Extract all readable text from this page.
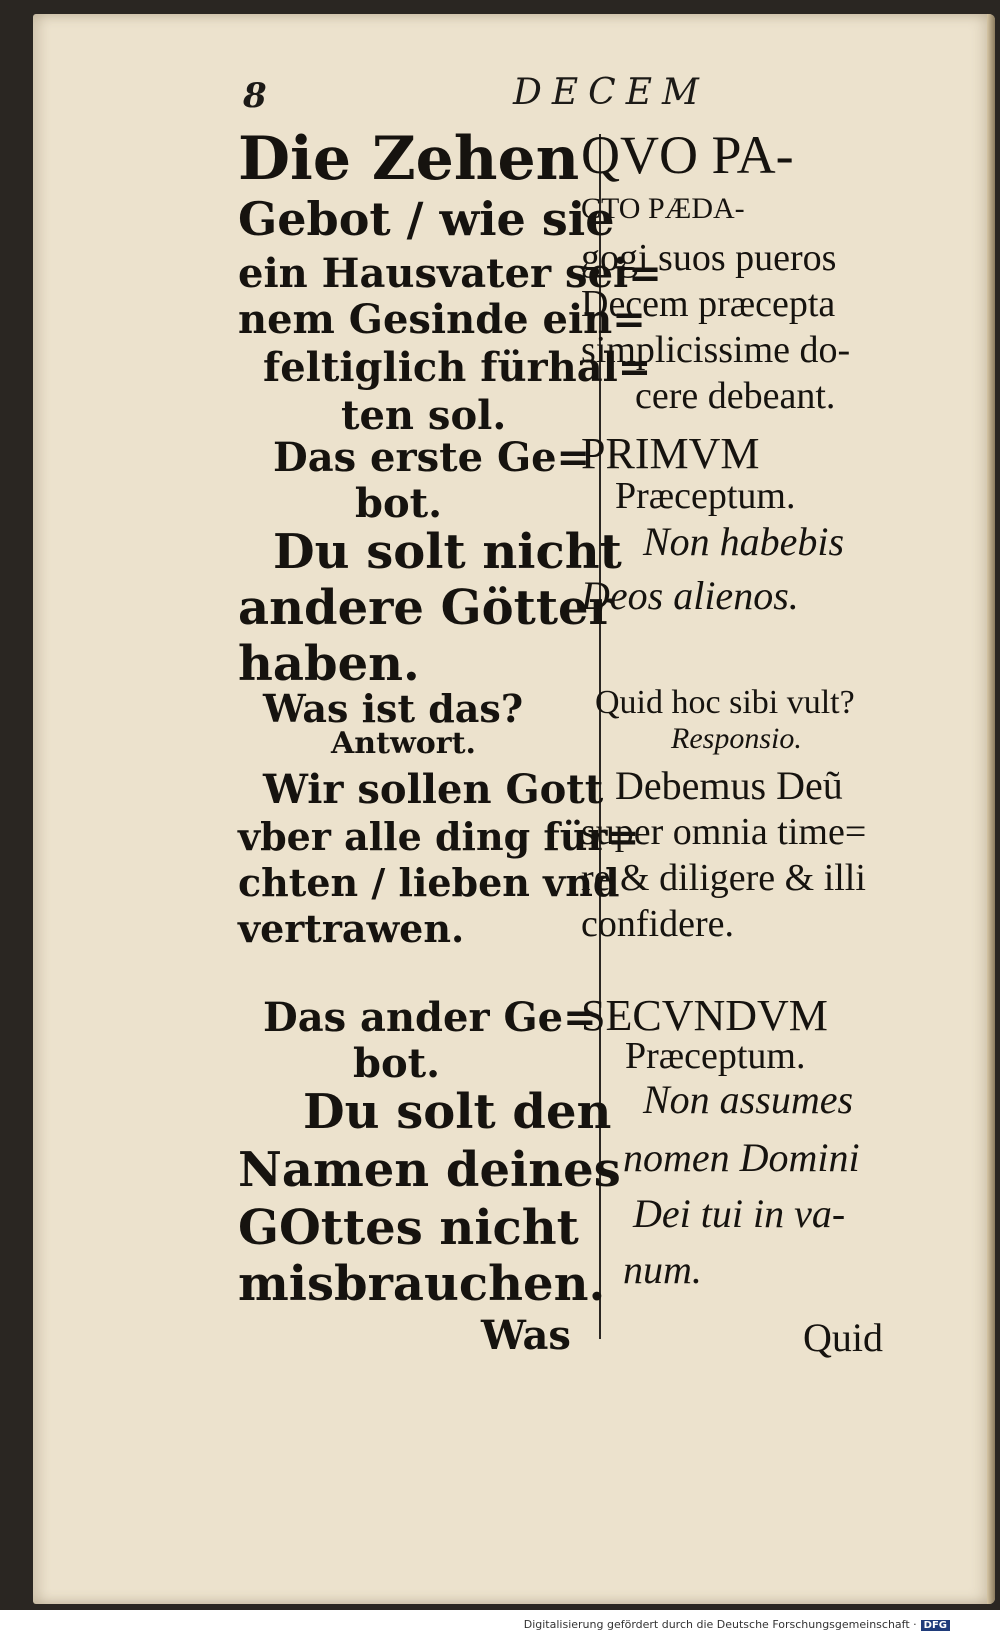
8	DECEM
Die Zehen
Gebot / wie sie
ein Hausvater sei=
nem Gesinde ein=
feltiglich fürhal=
ten sol.
Das erste Ge=
bot.
Du solt nicht
andere Götter
haben.
Was ist das?
Antwort.
Wir sollen Gott
vber alle ding für=
chten / lieben vnd
vertrawen.
Das ander Ge=
bot.
Du solt den
Namen deines
GOttes nicht
misbrauchen.
QVO PA-
CTO PÆDA-
gogi suos pueros
Decem præcepta
simplicissime do-
cere debeant.
PRIMVM
Præceptum.
Non habebis
Deos alienos.
Quid hoc sibi vult?
Responsio.
Debemus Deũ
super omnia time=
re & diligere & illi
confidere.
SECVNDVM
Præceptum.
Non assumes
nomen Domini
Dei tui in va-
num.
Was	Quid
Digitalisierung gefördert durch die Deutsche Forschungsgemeinschaft · DFG
